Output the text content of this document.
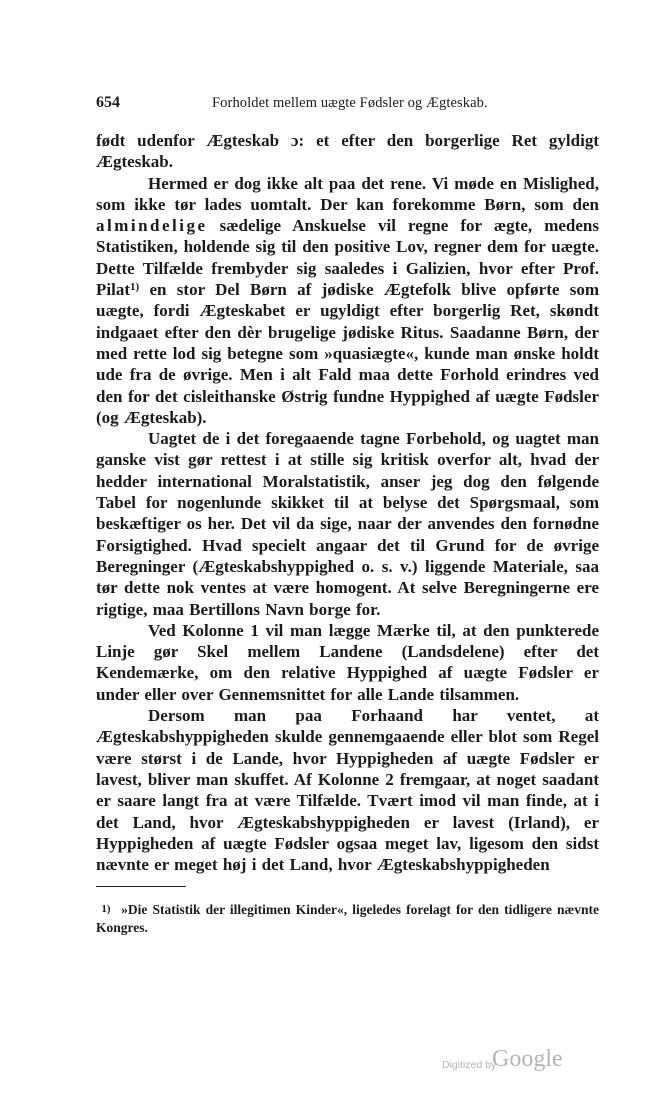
654	Forholdet mellem uægte Fødsler og Ægteskab.

født udenfor Ægteskab ɔ: et efter den borgerlige Ret gyldigt Ægteskab.

Hermed er dog ikke alt paa det rene. Vi møde en Mislighed, som ikke tør lades uomtalt. Der kan forekomme Børn, som den almindelige sædelige Anskuelse vil regne for ægte, medens Statistiken, holdende sig til den positive Lov, regner dem for uægte. Dette Tilfælde frembyder sig saaledes i Galizien, hvor efter Prof. Pilat$^{1)}$ en stor Del Børn af jødiske Ægtefolk blive opførte som uægte, fordi Ægteskabet er ugyldigt efter borgerlig Ret, skøndt indgaaet efter den dèr brugelige jødiske Ritus. Saadanne Børn, der med rette lod sig betegne som »quasiægte«, kunde man ønske holdt ude fra de øvrige. Men i alt Fald maa dette Forhold erindres ved den for det cisleithanske Østrig fundne Hyppighed af uægte Fødsler (og Ægteskab).

Uagtet de i det foregaaende tagne Forbehold, og uagtet man ganske vist gør rettest i at stille sig kritisk overfor alt, hvad der hedder international Moralstatistik, anser jeg dog den følgende Tabel for nogenlunde skikket til at belyse det Spørgsmaal, som beskæftiger os her. Det vil da sige, naar der anvendes den fornødne Forsigtighed. Hvad specielt angaar det til Grund for de øvrige Beregninger (Ægteskabshyppighed o. s. v.) liggende Materiale, saa tør dette nok ventes at være homogent. At selve Beregningerne ere rigtige, maa Bertillons Navn borge for.

Ved Kolonne 1 vil man lægge Mærke til, at den punkterede Linje gør Skel mellem Landene (Landsdelene) efter det Kendemærke, om den relative Hyppighed af uægte Fødsler er under eller over Gennemsnittet for alle Lande tilsammen.

Dersom man paa Forhaand har ventet, at Ægteskabshyppigheden skulde gennemgaaende eller blot som Regel være størst i de Lande, hvor Hyppigheden af uægte Fødsler er lavest, bliver man skuffet. Af Kolonne 2 fremgaar, at noget saadant er saare langt fra at være Tilfælde. Tvært imod vil man finde, at i det Land, hvor Ægteskabshyppigheden er lavest (Irland), er Hyppigheden af uægte Fødsler ogsaa meget lav, ligesom den sidst nævnte er meget høj i det Land, hvor Ægteskabshyppigheden

1) »Die Statistik der illegitimen Kinder«, ligeledes forelagt for den tidligere nævnte Kongres.
Digitized by
Google
